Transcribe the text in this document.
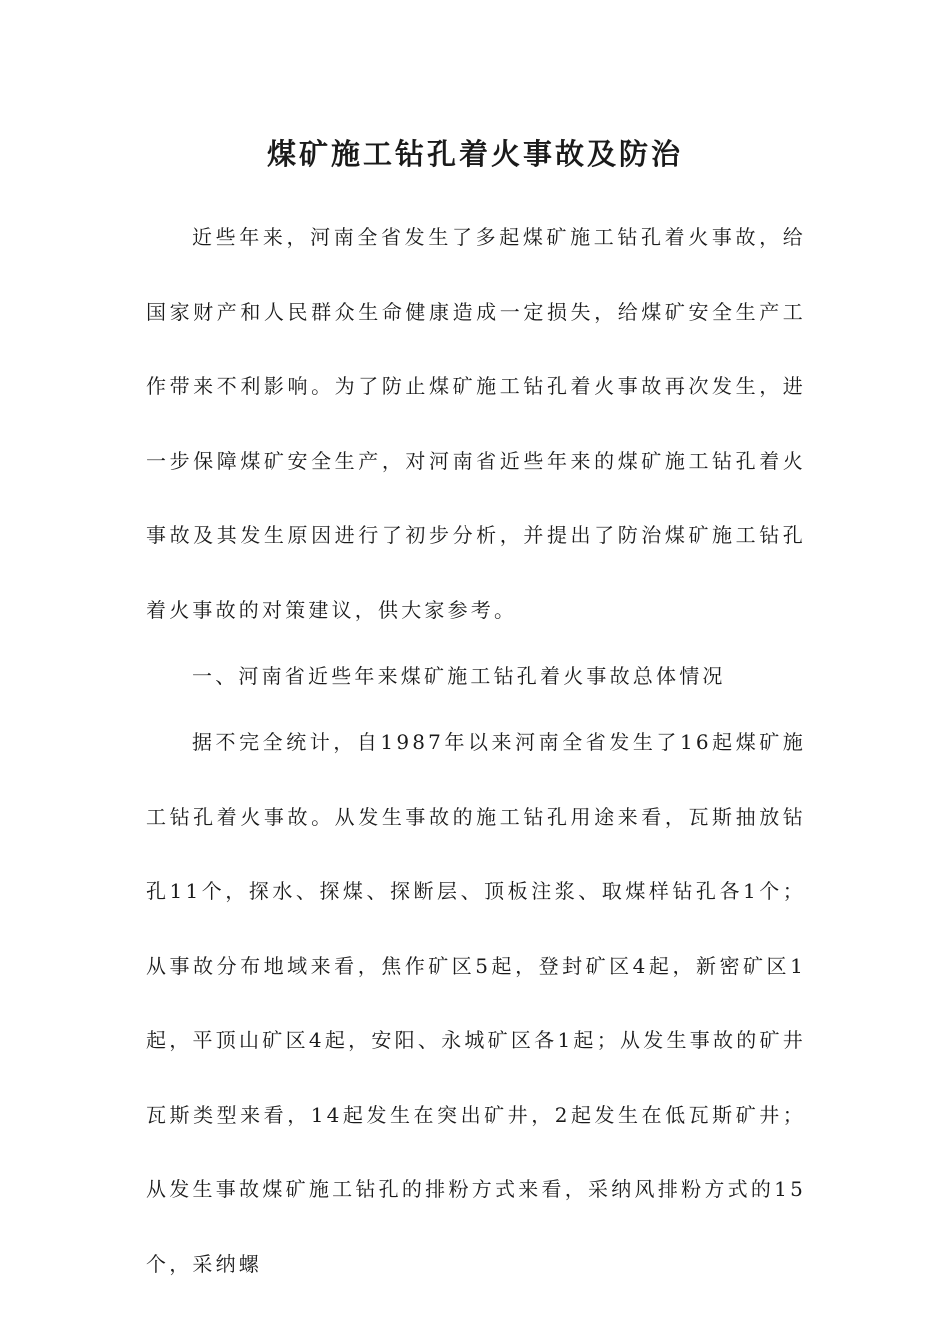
煤矿施工钻孔着火事故及防治

近些年来，河南全省发生了多起煤矿施工钻孔着火事故，给国家财产和人民群众生命健康造成一定损失，给煤矿安全生产工作带来不利影响。为了防止煤矿施工钻孔着火事故再次发生，进一步保障煤矿安全生产，对河南省近些年来的煤矿施工钻孔着火事故及其发生原因进行了初步分析，并提出了防治煤矿施工钻孔着火事故的对策建议，供大家参考。

一、河南省近些年来煤矿施工钻孔着火事故总体情况

据不完全统计，自1987年以来河南全省发生了16起煤矿施工钻孔着火事故。从发生事故的施工钻孔用途来看，瓦斯抽放钻孔11个，探水、探煤、探断层、顶板注浆、取煤样钻孔各1个；从事故分布地域来看，焦作矿区5起，登封矿区4起，新密矿区1起，平顶山矿区4起，安阳、永城矿区各1起；从发生事故的矿井瓦斯类型来看，14起发生在突出矿井，2起发生在低瓦斯矿井；从发生事故煤矿施工钻孔的排粉方式来看，采纳风排粉方式的15个，采纳螺
